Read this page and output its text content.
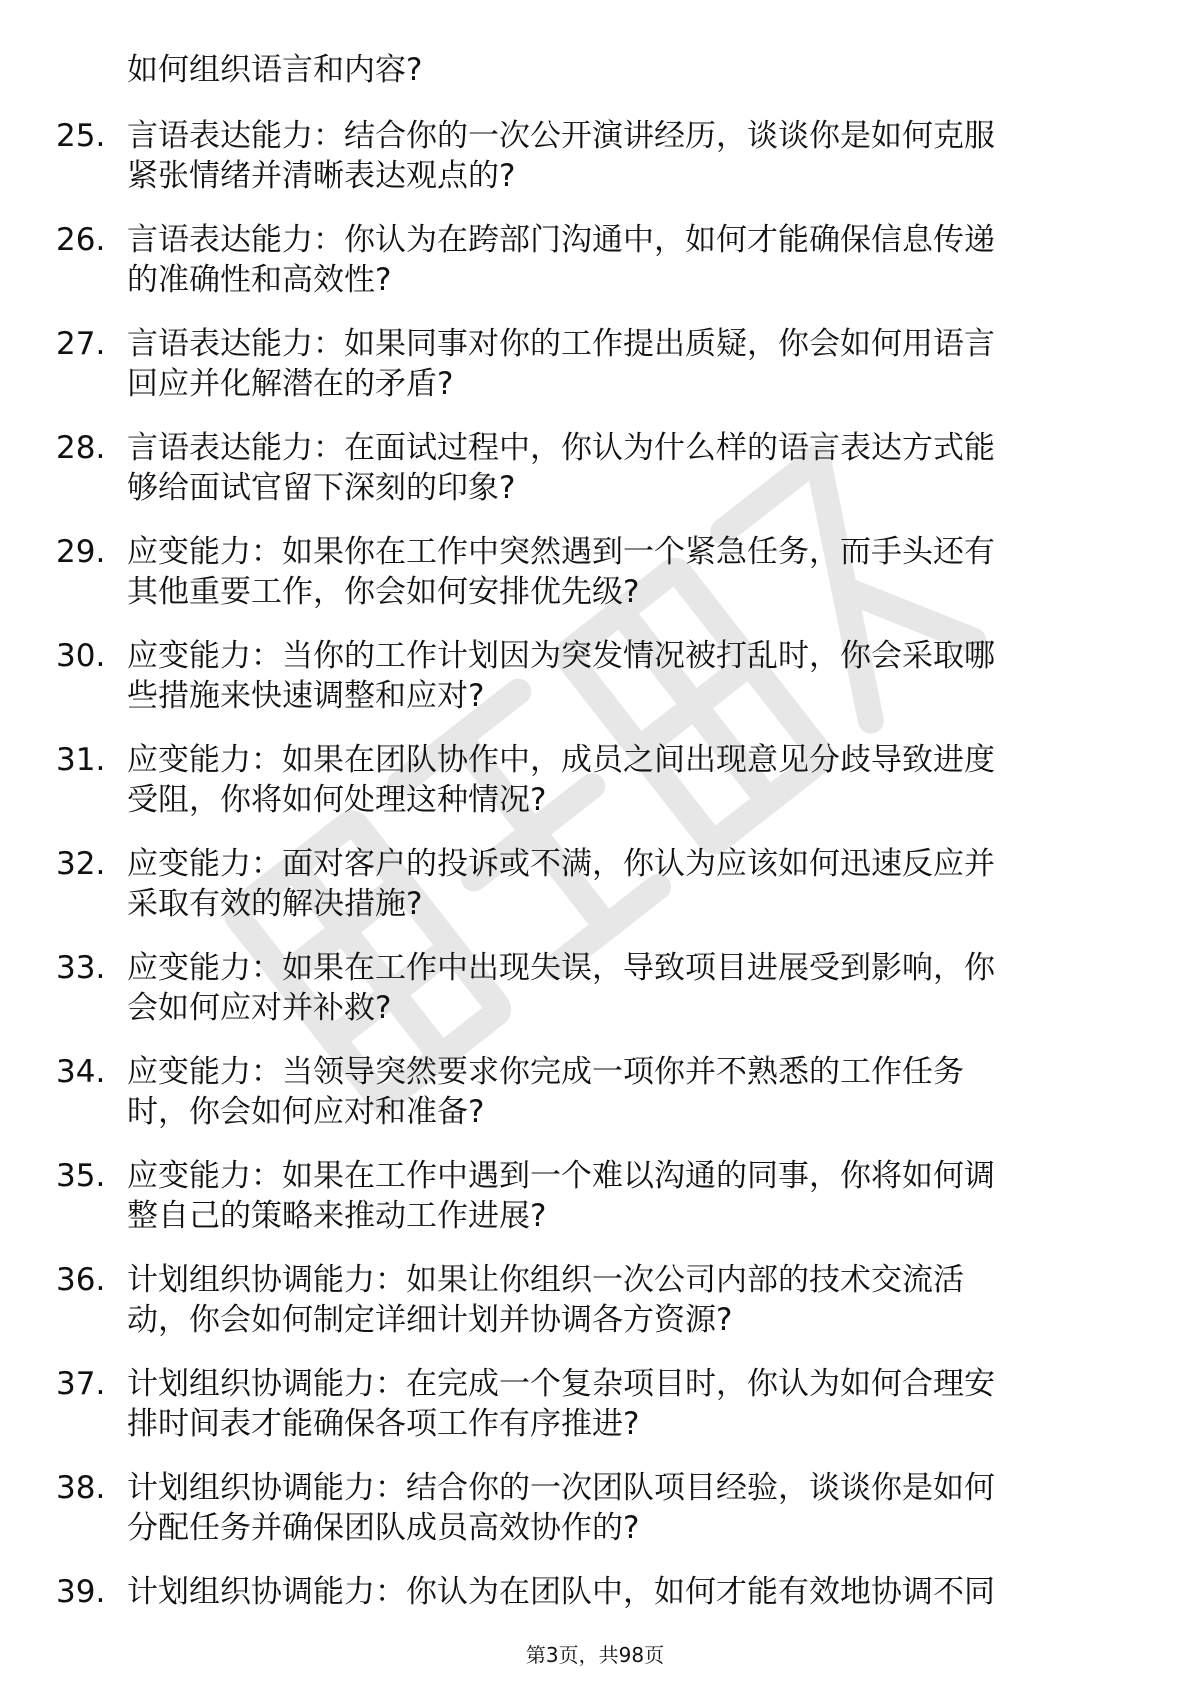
如何组织语言和内容?
25. 言语表达能力：结合你的一次公开演讲经历，谈谈你是如何克服
紧张情绪并清晰表达观点的?
26. 言语表达能力：你认为在跨部门沟通中，如何才能确保信息传递
的准确性和高效性?
27. 言语表达能力：如果同事对你的工作提出质疑，你会如何用语言
回应并化解潜在的矛盾?
28. 言语表达能力：在面试过程中，你认为什么样的语言表达方式能
够给面试官留下深刻的印象?
29. 应变能力：如果你在工作中突然遇到一个紧急任务，而手头还有
其他重要工作，你会如何安排优先级?
30. 应变能力：当你的工作计划因为突发情况被打乱时，你会采取哪
些措施来快速调整和应对?
31. 应变能力：如果在团队协作中，成员之间出现意见分歧导致进度
受阻，你将如何处理这种情况?
32. 应变能力：面对客户的投诉或不满，你认为应该如何迅速反应并
采取有效的解决措施?
33. 应变能力：如果在工作中出现失误，导致项目进展受到影响，你
会如何应对并补救?
34. 应变能力：当领导突然要求你完成一项你并不熟悉的工作任务
时，你会如何应对和准备?
35. 应变能力：如果在工作中遇到一个难以沟通的同事，你将如何调
整自己的策略来推动工作进展?
36. 计划组织协调能力：如果让你组织一次公司内部的技术交流活
动，你会如何制定详细计划并协调各方资源?
37. 计划组织协调能力：在完成一个复杂项目时，你认为如何合理安
排时间表才能确保各项工作有序推进?
38. 计划组织协调能力：结合你的一次团队项目经验，谈谈你是如何
分配任务并确保团队成员高效协作的?
39. 计划组织协调能力：你认为在团队中，如何才能有效地协调不同
第3页，共98页
